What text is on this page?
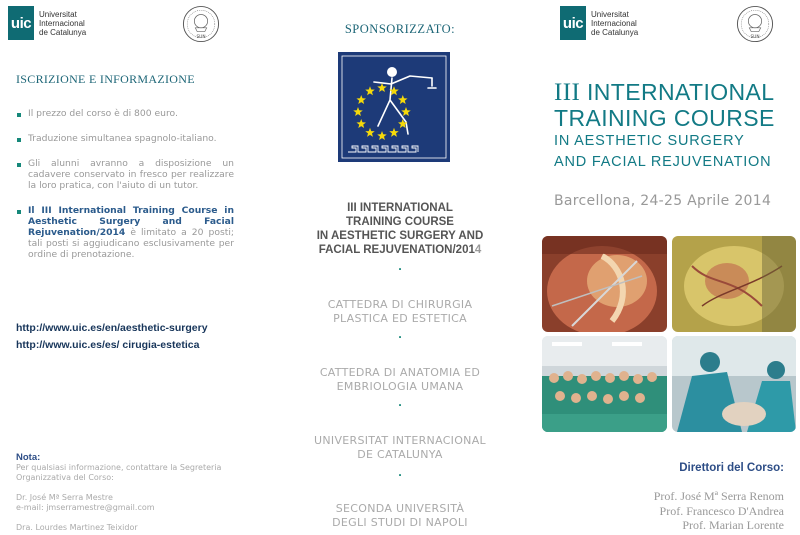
uic
Universitat
Internacional
de Catalunya
SUN
ISCRIZIONE E INFORMAZIONE
Il prezzo del corso è di 800 euro.
Traduzione simultanea spagnolo-italiano.
Gli alunni avranno a disposizione un cadavere conservato in fresco per realizzare la loro pratica, con l'aiuto di un tutor.
Il III International Training Course in Aesthetic Surgery and Facial Rejuvenation/2014 è limitato a 20 posti; tali posti si aggiudicano esclusivamente per ordine di prenotazione.
http://www.uic.es/en/aesthetic-surgery
http://www.uic.es/es/ cirugia-estetica
Nota:

Per qualsiasi informazione, contattare la Segreteria

Organizzativa del Corso:

Dr. José Mª Serra Mestre

e-mail: jmserramestre@gmail.com

Dra. Lourdes Martinez Teixidor

SPONSORIZZATO:
III INTERNATIONAL
TRAINING COURSE
IN AESTHETIC SURGERY AND
FACIAL REJUVENATION/2014
.
CATTEDRA DI CHIRURGIA
PLASTICA ED ESTETICA
.
CATTEDRA DI ANATOMIA ED
EMBRIOLOGIA UMANA
.
UNIVERSITAT INTERNACIONAL
DE CATALUNYA
.
SECONDA UNIVERSITÀ
DEGLI STUDI DI NAPOLI
uic
Universitat
Internacional
de Catalunya
SUN
III INTERNATIONAL
TRAINING COURSE
IN AESTHETIC SURGERY
AND FACIAL REJUVENATION
Barcellona, 24-25 Aprile 2014
Direttori del Corso:
Prof. José Mª Serra Renom
Prof. Francesco D'Andrea
Prof. Marian Lorente
